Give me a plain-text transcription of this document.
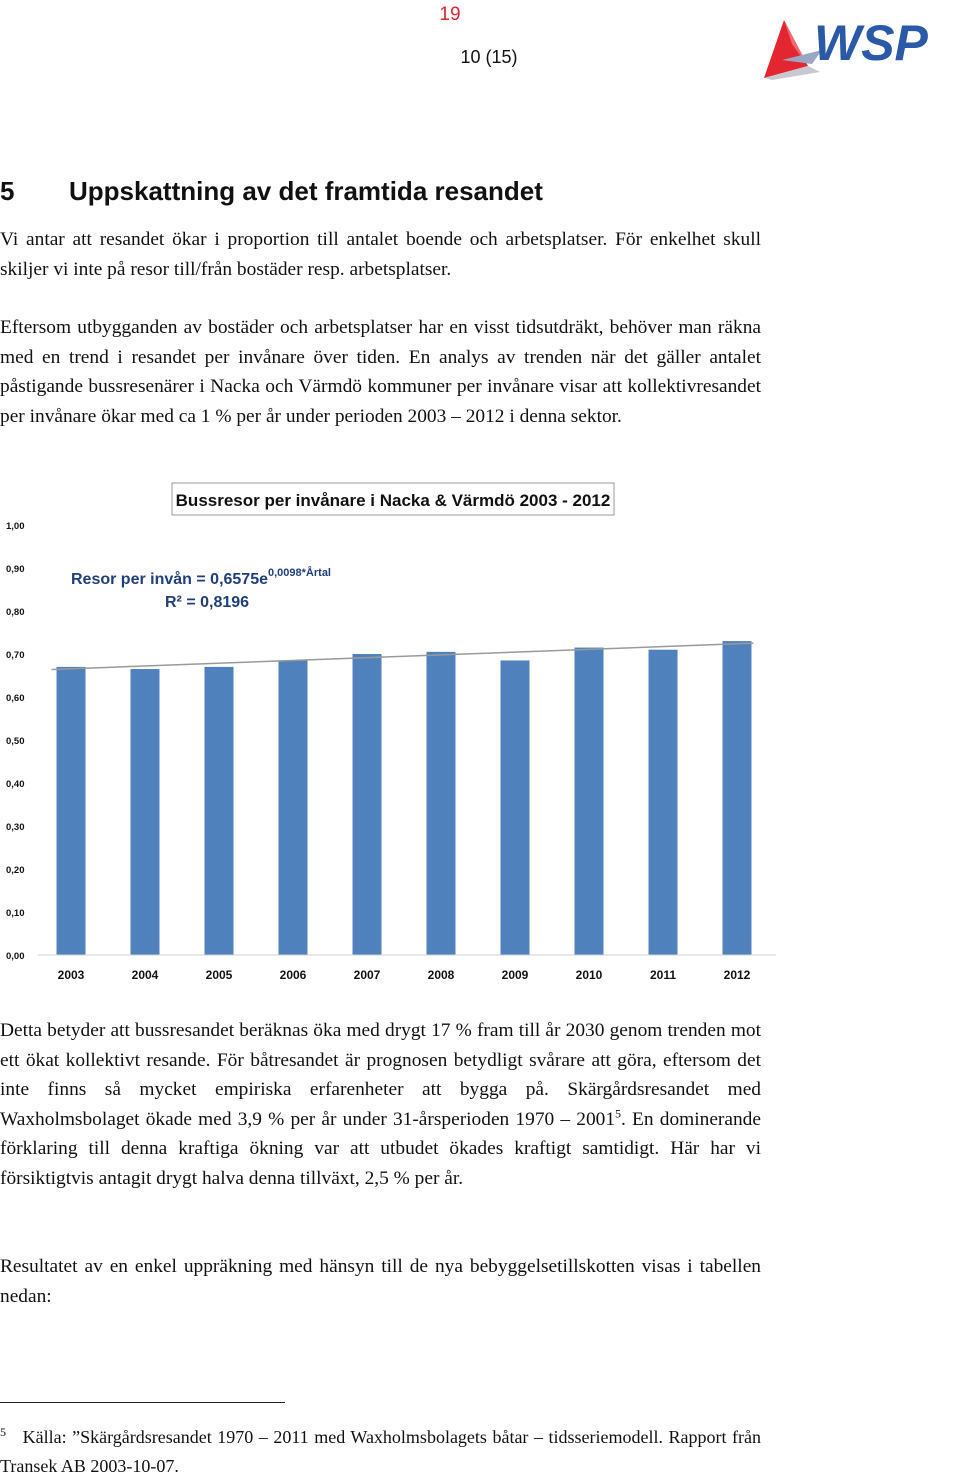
19
10 (15)	WSP
5 Uppskattning av det framtida resandet

Vi antar att resandet ökar i proportion till antalet boende och arbetsplatser. För enkelhet skull skiljer vi inte på resor till/från bostäder resp. arbetsplatser.

Eftersom utbygganden av bostäder och arbetsplatser har en visst tidsutdräkt, behöver man räkna med en trend i resandet per invånare över tiden. En analys av trenden när det gäller antalet påstigande bussresenärer i Nacka och Värmdö kommuner per invånare visar att kollektivresandet per invånare ökar med ca 1 % per år under perioden 2003 – 2012 i denna sektor.

0,00
0,10
0,20
0,30
0,40
0,50
0,60
0,70
0,80
0,90
1,00
2003	2004	2005	2006	2007	2008	2009	2010	2011	2012
Bussresor per invånare i Nacka & Värmdö 2003 - 2012
Resor per invån = $0,6575e^{0,0098*Årtal}$
R² = 0,8196

Detta betyder att bussresandet beräknas öka med drygt 17 % fram till år 2030 genom trenden mot ett ökat kollektivt resande. För båtresandet är prognosen betydligt svårare att göra, eftersom det inte finns så mycket empiriska erfarenheter att bygga på. Skärgårdsresandet med Waxholmsbolaget ökade med 3,9 % per år under 31-årsperioden 1970 – 2001$^5$. En dominerande förklaring till denna kraftiga ökning var att utbudet ökades kraftigt samtidigt. Här har vi försiktigtvis antagit drygt halva denna tillväxt, 2,5 % per år.

Resultatet av en enkel uppräkning med hänsyn till de nya bebyggelsetillskotten visas i tabellen nedan:

$^5$ Källa: ”Skärgårdsresandet 1970 – 2011 med Waxholmsbolagets båtar – tidsseriemodell. Rapport från Transek AB 2003-10-07.
